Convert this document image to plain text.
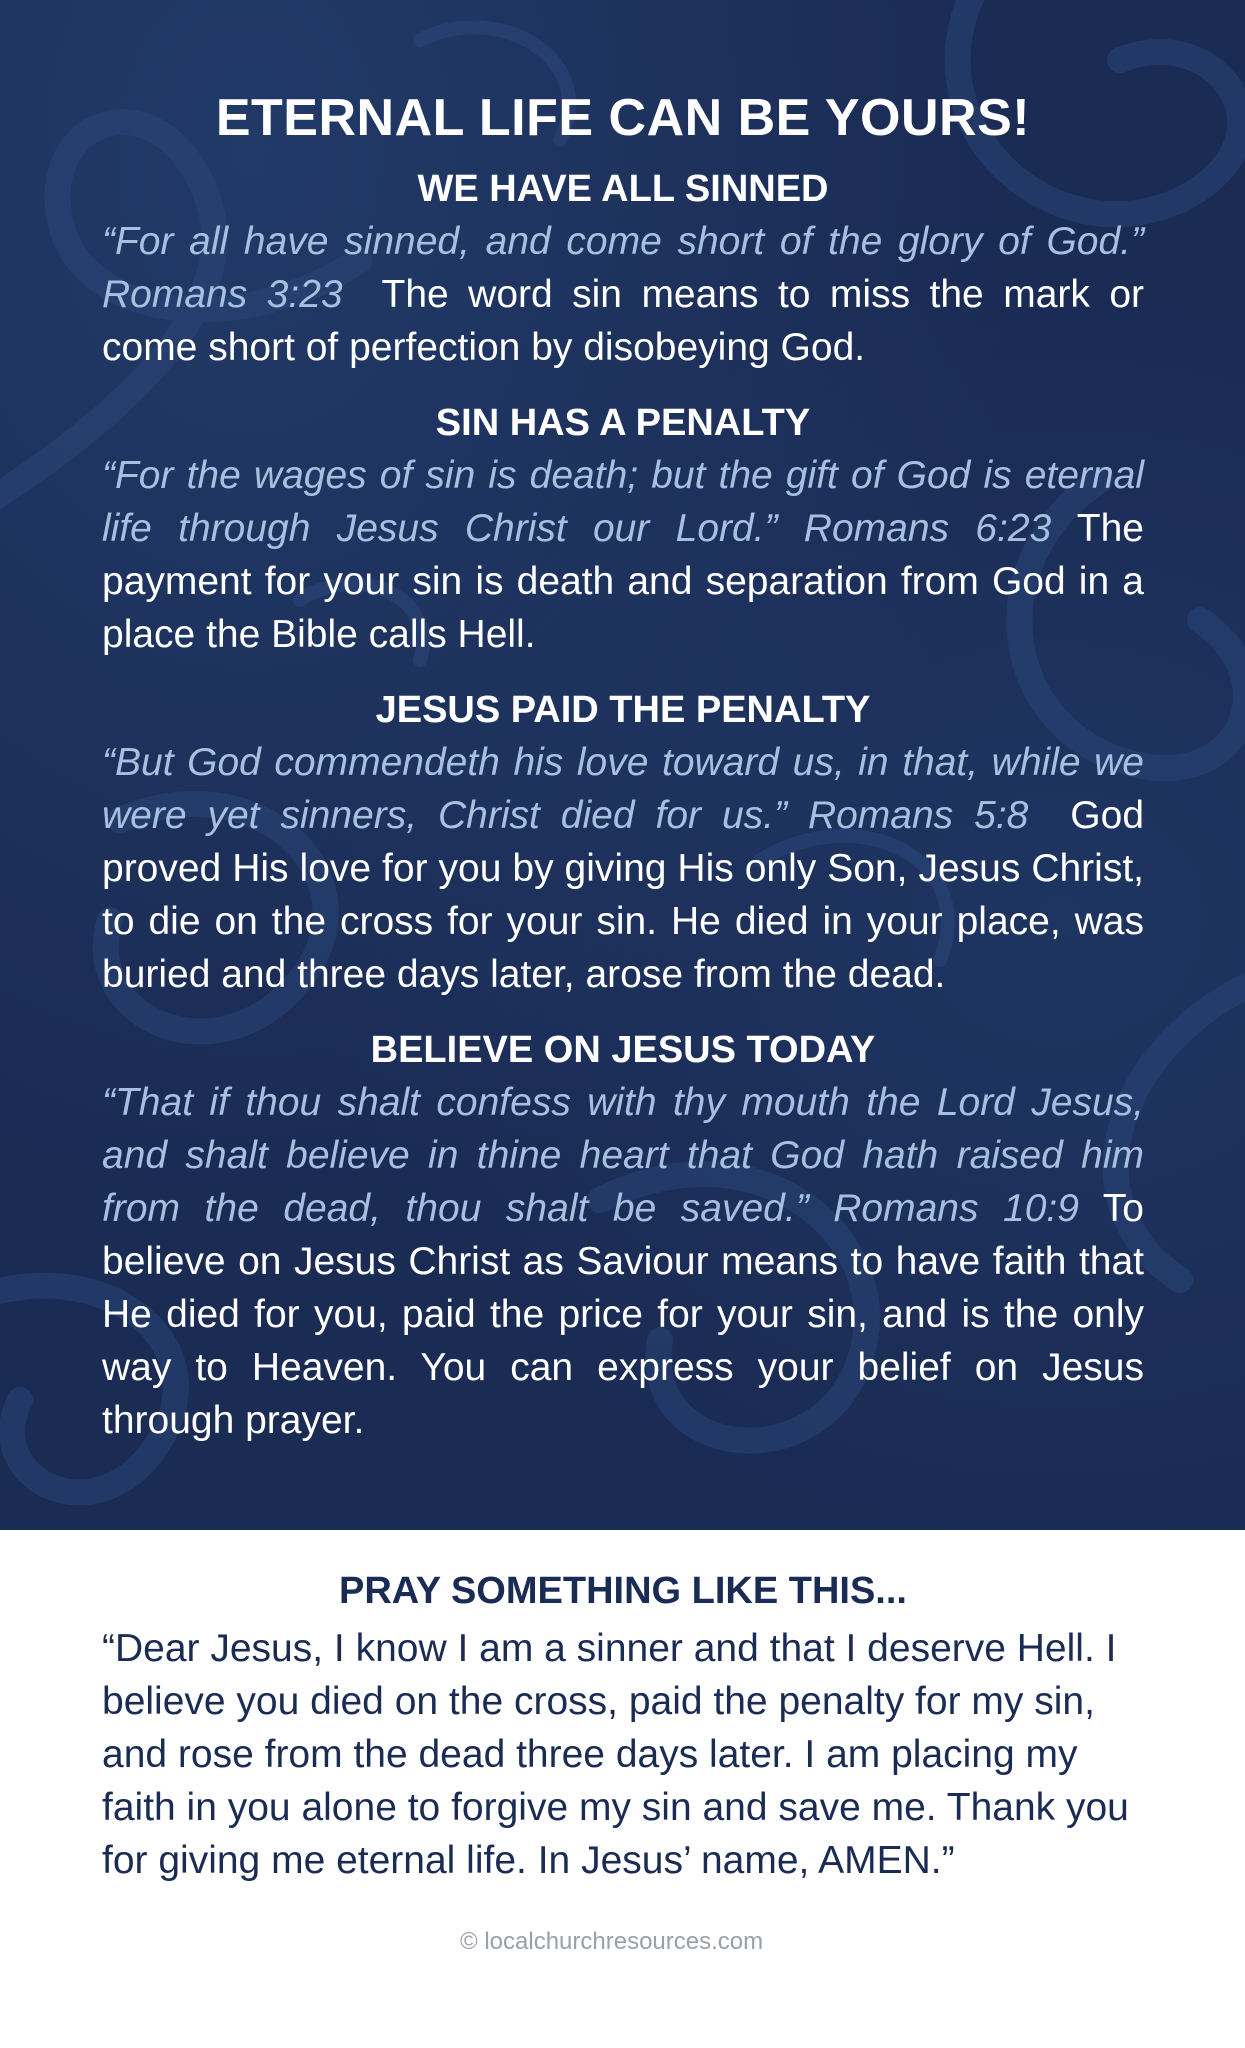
ETERNAL LIFE CAN BE YOURS!
WE HAVE ALL SINNED

“For all have sinned, and come short of the glory of God.” Romans 3:23 The word sin means to miss the mark or come short of perfection by disobeying God.

SIN HAS A PENALTY

“For the wages of sin is death; but the gift of God is eternal life through Jesus Christ our Lord.” Romans 6:23 The payment for your sin is death and separation from God in a place the Bible calls Hell.

JESUS PAID THE PENALTY

“But God commendeth his love toward us, in that, while we were yet sinners, Christ died for us.” Romans 5:8 God proved His love for you by giving His only Son, Jesus Christ, to die on the cross for your sin. He died in your place, was buried and three days later, arose from the dead.

BELIEVE ON JESUS TODAY

“That if thou shalt confess with thy mouth the Lord Jesus, and shalt believe in thine heart that God hath raised him from the dead, thou shalt be saved.” Romans 10:9 To believe on Jesus Christ as Saviour means to have faith that He died for you, paid the price for your sin, and is the only way to Heaven. You can express your belief on Jesus through prayer.

PRAY SOMETHING LIKE THIS...

“Dear Jesus, I know I am a sinner and that I deserve Hell. I believe you died on the cross, paid the penalty for my sin, and rose from the dead three days later. I am placing my faith in you alone to forgive my sin and save me. Thank you for giving me eternal life. In Jesus’ name, AMEN.”

© localchurchresources.com
